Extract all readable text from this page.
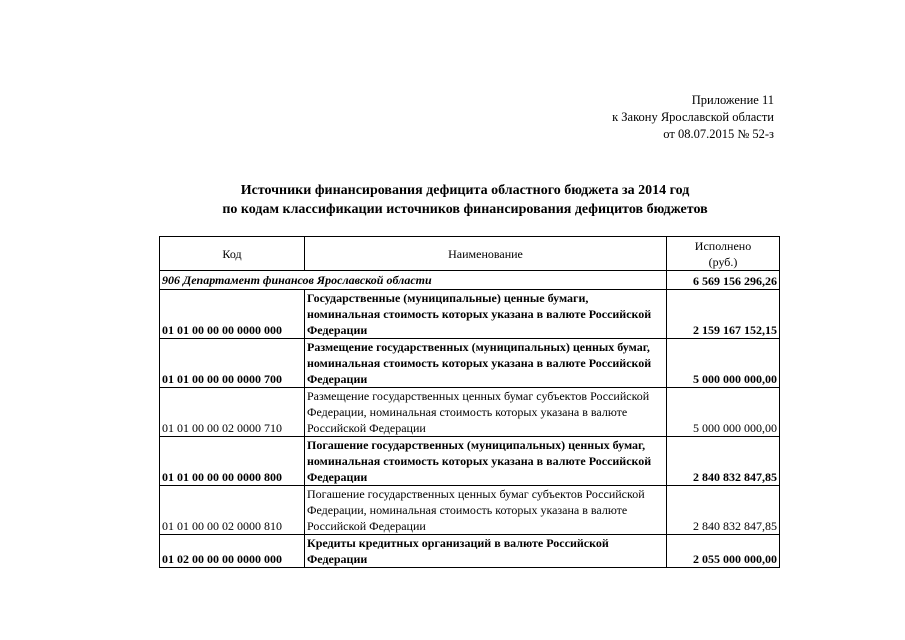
Приложение 11
к Закону Ярославской области
от 08.07.2015 № 52-з
Источники финансирования дефицита областного бюджета за 2014 год
по кодам классификации источников финансирования дефицитов бюджетов
Код	Наименование	Исполнено
(руб.)

906 Департамент финансов Ярославской области		6 569 156 296,26
01 01 00 00 00 0000 000	Государственные (муниципальные) ценные бумаги, номинальная стоимость которых указана в валюте Российской Федерации	2 159 167 152,15
01 01 00 00 00 0000 700	Размещение государственных (муниципальных) ценных бумаг, номинальная стоимость которых указана в валюте Российской Федерации	5 000 000 000,00
01 01 00 00 02 0000 710	Размещение государственных ценных бумаг субъектов Российской Федерации, номинальная стоимость которых указана в валюте Российской Федерации	5 000 000 000,00
01 01 00 00 00 0000 800	Погашение государственных (муниципальных) ценных бумаг, номинальная стоимость которых указана в валюте Российской Федерации	2 840 832 847,85
01 01 00 00 02 0000 810	Погашение государственных ценных бумаг субъектов Российской Федерации, номинальная стоимость которых указана в валюте Российской Федерации	2 840 832 847,85
01 02 00 00 00 0000 000	Кредиты кредитных организаций в валюте Российской Федерации	2 055 000 000,00
